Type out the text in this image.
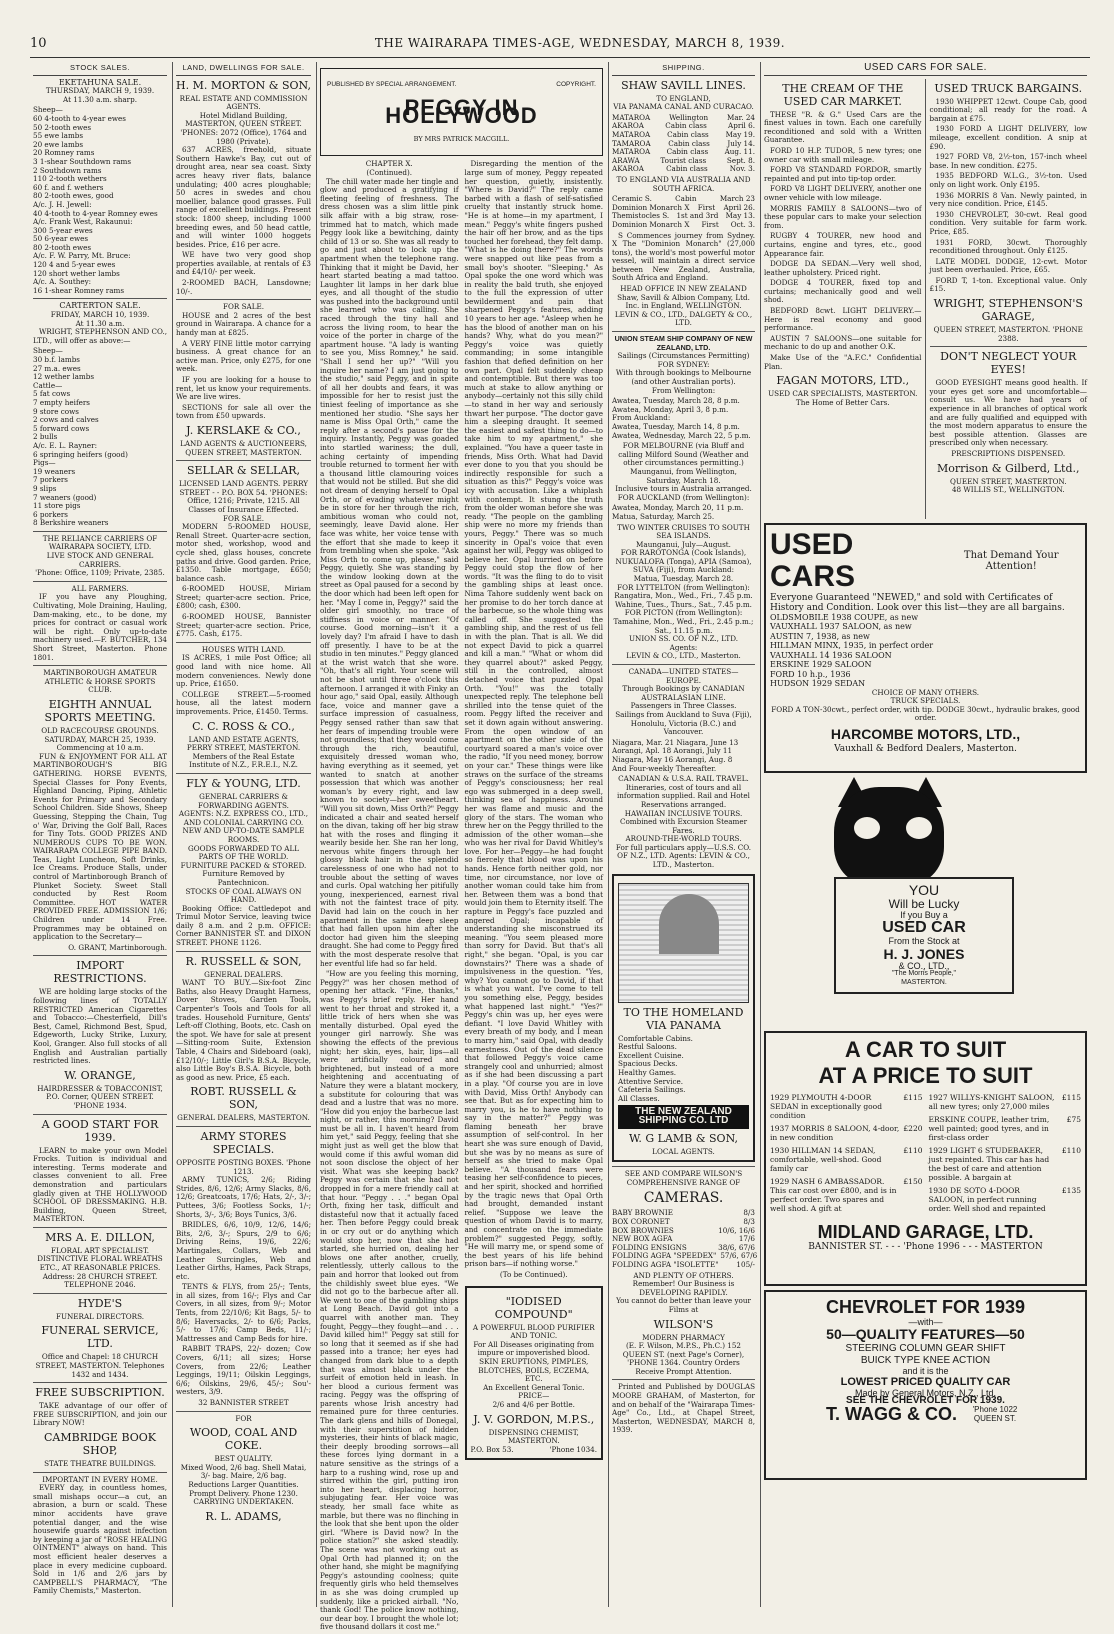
10	THE WAIRARAPA TIMES-AGE, WEDNESDAY, MARCH 8, 1939.
STOCK SALES.
EKETAHUNA SALE.
THURSDAY, MARCH 9, 1939.
At 11.30 a.m. sharp.
Sheep—
60 4-tooth to 4-year ewes
50 2-tooth ewes
55 ewe lambs
20 ewe lambs
20 Romney rams
3 1-shear Southdown rams
2 Southdown rams
110 2-tooth wethers
60 f. and f. wethers
80 2-tooth ewes, good
A/c. J. H. Jewell:
40 4-tooth to 4-year Romney ewes
A/c. Frank West, Rakaunui:
300 5-year ewes
50 6-year ewes
80 2-tooth ewes
A/c. F. W. Parry, Mt. Bruce:
120 4 and 5-year ewes
120 short wether lambs
A/c. A. Southey:
16 1-shear Romney rams
CARTERTON SALE.
FRIDAY, MARCH 10, 1939.
At 11.30 a.m.
WRIGHT, STEPHENSON AND CO., LTD., will offer as above:—
Sheep—
30 b.f. lambs
27 m.a. ewes
12 wether lambs
Cattle—
5 fat cows
7 empty heifers
9 store cows
2 cows and calves
5 forward cows
2 bulls
A/c. E. L. Rayner:
6 springing heifers (good)
Pigs—
19 weaners
7 porkers
9 slips
7 weaners (good)
11 store pigs
6 porkers
8 Berkshire weaners
THE RELIANCE CARRIERS OF WAIRARAPA SOCIETY, LTD.
LIVE STOCK AND GENERAL CARRIERS.
'Phone: Office, 1109; Private, 2385.
ALL FARMERS.
IF you have any Ploughing, Cultivating, Mole Draining, Hauling, Dam-making, etc., to be done, my prices for contract or casual work will be right. Only up-to-date machinery used.—F. BUTCHER, 134 Short Street, Masterton. Phone 1801.
MARTINBOROUGH AMATEUR ATHLETIC & HORSE SPORTS CLUB.
EIGHTH ANNUAL SPORTS MEETING.
OLD RACECOURSE GROUNDS.
SATURDAY, MARCH 25, 1939.
Commencing at 10 a.m.
FUN & ENJOYMENT FOR ALL AT MARTINBOROUGH'S BIG GATHERING. HORSE EVENTS, Special Classes for Pony Events, Highland Dancing, Piping, Athletic Events for Primary and Secondary School Children. Side Shows, Sheep Guessing, Stepping the Chain, Tug o' War, Driving the Golf Ball, Races for Tiny Tots. GOOD PRIZES AND NUMEROUS CUPS TO BE WON. WAIRARAPA COLLEGE PIPE BAND. Teas, Light Luncheon, Soft Drinks, Ice Creams. Produce Stalls, under control of Martinborough Branch of Plunket Society. Sweet Stall conducted by Rest Room Committee. HOT WATER PROVIDED FREE. ADMISSION 1/6; Children under 14 Free. Programmes may be obtained on application to the Secretary—
O. GRANT, Martinborough.
IMPORT RESTRICTIONS.
WE are holding large stocks of the following lines of TOTALLY RESTRICTED American Cigarettes and Tobacco:—Chesterfield, Dill's Best, Camel, Richmond Best, Spud, Edgeworth, Lucky Strike, Luxury, Kool, Granger. Also full stocks of all English and Australian partially restricted lines.
W. ORANGE,
HAIRDRESSER & TOBACCONIST, P.O. Corner, QUEEN STREET. 'PHONE 1934.
A GOOD START FOR 1939.
LEARN to make your own Model Frocks. Tuition is individual and interesting. Terms moderate and classes convenient to all. Free demonstration and particulars gladly given at THE HOLLYWOOD SCHOOL OF DRESSMAKING. H.B. Building, Queen Street, MASTERTON.
MRS A. E. DILLON,
FLORAL ART SPECIALIST. DISTINCTIVE FLORAL WREATHS ETC., AT REASONABLE PRICES. Address: 28 CHURCH STREET. TELEPHONE 2046.
HYDE'S
FUNERAL DIRECTORS.
FUNERAL SERVICE, LTD.
Office and Chapel: 18 CHURCH STREET, MASTERTON. Telephones 1432 and 1434.
FREE SUBSCRIPTION.
TAKE advantage of our offer of FREE SUBSCRIPTION, and join our Library NOW!
CAMBRIDGE BOOK SHOP,
STATE THEATRE BUILDINGS.
IMPORTANT IN EVERY HOME.
EVERY day, in countless homes, small mishaps occur—a cut, an abrasion, a burn or scald. These minor accidents have grave potential danger, and the wise housewife guards against infection by keeping a jar of "ROSE HEALING OINTMENT" always on hand. This most efficient healer deserves a place in every medicine cupboard. Sold in 1/6 and 2/6 jars by CAMPBELL'S PHARMACY, "The Family Chemists," Masterton.
LAND, DWELLINGS FOR SALE.
H. M. MORTON & SON,
REAL ESTATE AND COMMISSION AGENTS.
Hotel Midland Building, MASTERTON, QUEEN STREET.
'PHONES: 2072 (Office), 1764 and 1980 (Private).
637 ACRES, freehold, situate Southern Hawke's Bay, cut out of drought area, near sea coast. Sixty acres heavy river flats, balance undulating; 400 acres ploughable; 50 acres in swedes and chou moellier, balance good grasses. Full range of excellent buildings. Present stock: 1800 sheep, including 1000 breeding ewes, and 50 head cattle, and will winter 1000 hoggets besides. Price, £16 per acre.
WE have two very good shop properties available, at rentals of £3 and £4/10/- per week.
2-ROOMED BACH, Lansdowne; 10/-.
FOR SALE.
HOUSE and 2 acres of the best ground in Wairarapa. A chance for a handy man at £825.
A VERY FINE little motor carrying business. A great chance for an active man. Price, only £275, for one week.
IF you are looking for a house to rent, let us know your requirements. We are live wires.
SECTIONS for sale all over the town from £50 upwards.
J. KERSLAKE & CO.,
LAND AGENTS & AUCTIONEERS, QUEEN STREET, MASTERTON.
SELLAR & SELLAR,
LICENSED LAND AGENTS. PERRY STREET - - P.O. BOX 54. 'PHONES: Office, 1216; Private, 1215. All Classes of Insurance Effected.
FOR SALE.
MODERN 5-ROOMED HOUSE, Renall Street. Quarter-acre section, motor shed, workshop, wood and cycle shed, glass houses, concrete paths and drive. Good garden. Price, £1350. Table mortgage, £650; balance cash.
6-ROOMED HOUSE, Miriam Street; quarter-acre section. Price, £800; cash, £300.
6-ROOMED HOUSE, Bannister Street; quarter-acre section. Price, £775. Cash, £175.
HOUSES WITH LAND.
IS ACRES, 1 mile Post Office; all good land with nice home. All modern conveniences. Newly done up. Price, £1650.
COLLEGE STREET.—5-roomed house, all the latest modern improvements. Price, £1450. Terms.
C. C. ROSS & CO.,
LAND AND ESTATE AGENTS, PERRY STREET, MASTERTON.
Members of the Real Estate Institute of N.Z., F.R.E.I., N.Z.
FLY & YOUNG, LTD.
GENERAL CARRIERS & FORWARDING AGENTS.
AGENTS: N.Z. EXPRESS CO., LTD., AND COLONIAL CARRYING CO.
NEW AND UP-TO-DATE SAMPLE ROOMS.
GOODS FORWARDED TO ALL PARTS OF THE WORLD.
FURNITURE PACKED & STORED. Furniture Removed by Pantechnicon.
STOCKS OF COAL ALWAYS ON HAND.
Booking Office: Cattledepot and Trimul Motor Service, leaving twice daily 8 a.m. and 2 p.m. OFFICE: Corner BANNISTER ST. and DIXON STREET. PHONE 1126.
R. RUSSELL & SON,
GENERAL DEALERS.
WANT TO BUY.—Six-foot Zinc Baths, also Heavy Draught Harness, Dover Stoves, Garden Tools, Carpenter's Tools and Tools for all trades. Household Furniture, Gents' Left-off Clothing, Boots, etc. Cash on the spot. We have for sale at present—Sitting-room Suite, Extension Table, 4 Chairs and Sideboard (oak), £12/10/-; Little Girl's B.S.A. Bicycle, also Little Boy's B.S.A. Bicycle, both as good as new. Price, £5 each.
ROBT. RUSSELL & SON,
GENERAL DEALERS, MASTERTON.
ARMY STORES SPECIALS.
OPPOSITE POSTING BOXES. 'Phone 1213.
ARMY TUNICS, 2/6; Riding Strides, 8/6, 12/6; Army Slacks, 8/6, 12/6; Greatcoats, 17/6; Hats, 2/-, 3/-; Puttees, 3/6; Footless Socks, 1/-; Shorts, 3/-, 3/6; Boys Tunics, 3/6.
BRIDLES, 6/6, 10/9, 12/6, 14/6; Bits, 2/6, 3/-; Spurs, 2/9 to 6/6; Driving Reins, 19/6, 22/6; Martingales, Collars, Web and Leather Surcingles, Web and Leather Girths, Hames, Pack Straps, etc.
TENTS & FLYS, from 25/-; Tents, in all sizes, from 16/-; Flys and Car Covers, in all sizes, from 9/-; Motor Tents, from 22/10/6; Kit Bags, 5/- to 8/6; Haversacks, 2/- to 6/6; Packs, 5/- to 17/6; Camp Beds, 11/-; Mattresses and Camp Beds for hire.
RABBIT TRAPS, 22/- dozen; Cow Covers, 6/11; all sizes; Horse Covers, from 22/6; Leather Leggings, 19/11; Oilskin Leggings, 6/6; Oilskins, 29/6, 45/-; Sou'-westers, 3/9.
32 BANNISTER STREET
FOR
WOOD, COAL AND COKE.
BEST QUALITY.
Mixed Wood, 2/6 bag. Shell Matai, 3/- bag. Maire, 2/6 bag.
Reductions Larger Quantities.
Prompt Delivery. Phone 1230.
CARRYING UNDERTAKEN.
R. L. ADAMS,
PUBLISHED BY SPECIAL ARRANGEMENT.	COPYRIGHT.
PEGGY IN HOLLYWOOD
BY MRS PATRICK MACGILL.
CHAPTER X.
(Continued).
The chill water made her tingle and glow and produced a gratifying if fleeting feeling of freshness. The dress chosen was a slim little pink silk affair with a big straw, rose-trimmed hat to match, which made Peggy look like a bewitching, dainty child of 13 or so. She was all ready to go and just about to lock up the apartment when the telephone rang. Thinking that it might be David, her heart started beating a mad tattoo. Laughter lit lamps in her dark blue eyes, and all thought of the studio was pushed into the background until she learned who was calling. She raced through the tiny hall and across the living room, to hear the voice of the porter in charge of the apartment house. "A lady is wanting to see you, Miss Romney," he said. "Shall I send her up?" "Will you inquire her name? I am just going to the studio," said Peggy, and in spite of all her doubts and fears, it was impossible for her to resist just the tiniest feeling of importance as she mentioned her studio. "She says her name is Miss Opal Orth," came the reply after a second's pause for the inquiry. Instantly, Peggy was goaded into startled wariness; the dull, aching certainty of impending trouble returned to torment her with a thousand little clamouring voices that would not be stilled. But she did not dream of denying herself to Opal Orth, or of evading whatever might be in store for her through the rich, ambitious woman who could not, seemingly, leave David alone. Her face was white, her voice tense with the effort that she made to keep it from trembling when she spoke. "Ask Miss Orth to come up, please," said Peggy, quietly. She was standing by the window looking down at the street as Opal paused for a second by the door which had been left open for her. "May I come in, Peggy?" said the older girl smoothly, no trace of stiffness in voice or manner. "Of course. Good morning—isn't it a lovely day? I'm afraid I have to dash off presently. I have to be at the studio in ten minutes." Peggy glanced at the wrist watch that she wore. "Oh, that's all right. Your scene will not be shot until three o'clock this afternoon. I arranged it with Finky an hour ago," said Opal, easily. Although face, voice and manner gave a surface impression of casualness, Peggy sensed rather than saw that her fears of impending trouble were not groundless; that they would come through the rich, beautiful, exquisitely dressed woman who, having everything as it seemed, yet wanted to snatch at another possession that which was another woman's by every right, and law known to society—her sweetheart. "Will you sit down, Miss Orth?" Peggy indicated a chair and seated herself on the divan, taking off her big straw hat with the roses and flinging it wearily beside her. She ran her long, nervous white fingers through her glossy black hair in the splendid carelessness of one who had not to trouble about the setting of waves and curls. Opal watching her pitifully young, inexperienced, earnest rival with not the faintest trace of pity. David had lain on the couch in her apartment in the same deep sleep that had fallen upon him after the doctor had given him the sleeping draught. She had come to Peggy fired with the most desperate resolve that her eventful life had so far held.
"How are you feeling this morning, Peggy?" was her chosen method of opening her attack. "Fine, thanks," was Peggy's brief reply. Her hand went to her throat and stroked it, a little trick of hers when she was mentally disturbed. Opal eyed the younger girl narrowly. She was showing the effects of the previous night; her skin, eyes, hair, lips—all were artificially coloured and brightened, but instead of a more heightening and accentuating of Nature they were a blatant mockery, a substitute for colouring that was dead and a lustre that was no more. "How did you enjoy the barbecue last night, or rather, this morning? David must be all in. I haven't heard from him yet," said Peggy, feeling that she might just as well get the blow that would come if this awful woman did not soon disclose the object of her visit. What was she keeping back? Peggy was certain that she had not dropped in for a mere friendly call at that hour. "Peggy . . ." began Opal Orth, fixing her task, difficult and distasteful now that it actually faced her. Then before Peggy could break in or cry out or do anything which would stop her, now that she had started, she hurried on, dealing her blows one after another, cruelly, relentlessly, utterly callous to the pain and horror that looked out from the childishly sweet blue eyes. "We did not go to the barbecue after all. We went to one of the gambling ships at Long Beach. David got into a quarrel with another man. They fought, Peggy—they fought—and . . . David killed him!" Peggy sat still for so long that it seemed as if she had passed into a trance; her eyes had changed from dark blue to a depth that was almost black under the surfeit of emotion held in leash. In her blood a curious ferment was racing. Peggy was the offspring of parents whose Irish ancestry had remained pure for three centuries. The dark glens and hills of Donegal, with their superstition of hidden mysteries, their hints of black magic, their deeply brooding sorrows—all these forces lying dormant in a nature sensitive as the strings of a harp to a rushing wind, rose up and stirred within the girl, putting iron into her heart, displacing horror, subjugating fear. Her voice was steady, her small face white as marble, but there was no flinching in the look that she bent upon the older girl. "Where is David now? In the police station?" she asked steadily. The scene was not working out as Opal Orth had planned it; on the other hand, she might be magnifying Peggy's astounding coolness; quite frequently girls who held themselves in as she was doing crumpled up suddenly, like a pricked airball. "No, thank God! The police know nothing, our dear boy. I brought the whole lot; five thousand dollars it cost me."
Disregarding the mention of the large sum of money, Peggy repeated her question, quietly, insistently. "Where is David?" The reply came barbed with a flash of self-satisfied cruelty that instantly struck home. "He is at home—in my apartment, I mean." Peggy's white fingers pushed the hair off her brow, and as the tips touched her forehead, they felt damp. "What is he doing there?" The words were snapped out like peas from a small boy's shooter. "Sleeping." As Opal spoke the one word which was in reality the bald truth, she enjoyed to the full the expression of utter bewilderment and pain that sharpened Peggy's features, adding 10 years to her age. "Asleep when he has the blood of another man on his hands? Why, what do you mean?" Peggy's voice was quietly commanding; in some intangible fashion that defied definition on her own part. Opal felt suddenly cheap and contemptible. But there was too much at stake to allow anything or anybody—certainly not this silly child—to stand in her way and seriously thwart her purpose. "The doctor gave him a sleeping draught. It seemed the easiest and safest thing to do—to take him to my apartment," she explained. "You have a queer taste in friends, Miss Orth. What had David ever done to you that you should be indirectly responsible for such a situation as this?" Peggy's voice was icy with accusation. Like a whiplash with contempt. It stung the truth from the older woman before she was ready. "The people on the gambling ship were no more my friends than yours, Peggy." There was so much sincerity in Opal's voice that even against her will, Peggy was obliged to believe her. Opal hurried on before Peggy could stop the flow of her words. "It was the fling to do to visit the gambling ships at least once. Nima Tahore suddenly went back on her promise to do her torch dance at the barbecue, so the whole thing was called off. She suggested the gambling ship, and the rest of us fell in with the plan. That is all. We did not expect David to pick a quarrel and kill a man." "What or whom did they quarrel about?" asked Peggy, still in the controlled, almost detached voice that puzzled Opal Orth. "You!" was the totally unexpected reply. The telephone bell shrilled into the tense quiet of the room. Peggy lifted the receiver and set it down again without answering. From the open window of an apartment on the other side of the courtyard soared a man's voice over the radio, "If you need money, borrow on your car." These things were like straws on the surface of the streams of Peggy's consciousness; her real ego was submerged in a deep swell, thinking sea of happiness. Around her was flame and music and the glory of the stars. The woman who threw her on the Peggy thrilled to the admission of the other woman—she who was her rival for David Whitley's love. For her—Peggy—he had fought so fiercely that blood was upon his hands. Hence forth neither gold, nor time, nor circumstance, nor love of another woman could take him from her. Between them was a bond that would join them to Eternity itself. The rapture in Peggy's face puzzled and angered Opal; incapable of understanding she misconstrued its meaning. "You seem pleased more than sorry for David. But that's all right," she began. "Opal, is you car downstairs?" There was a shade of impulsiveness in the question. "Yes, why? You cannot go to David, if that is what you want. I've come to tell you something else, Peggy, besides what happened last night." "Yes?" Peggy's chin was up, her eyes were defiant. "I love David Whitley with every breath of my body, and I mean to marry him," said Opal, with deadly earnestness. Out of the dead silence that followed Peggy's voice came strangely cool and unhurried; almost as if she had been discussing a part in a play. "Of course you are in love with David, Miss Orth! Anybody can see that. But as for expecting him to marry you, is he to have nothing to say in the matter?" Peggy was flaming beneath her brave assumption of self-control. In her heart she was sure enough of David, but she was by no means as sure of herself as she tried to make Opal believe. "A thousand fears were teasing her self-confidence to pieces, and her spirit, shocked and horrified by the tragic news that Opal Orth had brought, demanded instant relief. "Suppose we leave the question of whom David is to marry, and concentrate on the immediate problem?" suggested Peggy, softly. "He will marry me, or spend some of the best years of his life behind prison bars—if nothing worse."
(To be Continued).
"IODISED COMPOUND"
A POWERFUL BLOOD PURIFIER AND TONIC.
For All Diseases originating from impure or impoverished blood.
SKIN ERUPTIONS, PIMPLES,
BLOTCHES, BOILS, ECZEMA, ETC.
An Excellent General Tonic.
PRICE—
2/6 and 4/6 per Bottle.
J. V. GORDON, M.P.S.,
DISPENSING CHEMIST,
MASTERTON.
P.O. Box 53.	'Phone 1034.
SHIPPING.
SHAW SAVILL LINES.
TO ENGLAND,
VIA PANAMA CANAL AND CURACAO.
MATAROA	Wellington	Mar. 24
AKAROA	Cabin class	April 6.
MATAROA Cabin class May 19.
TAMAROA Cabin class July 14.
MATAROA Cabin class Aug. 11.
ARAWA	Tourist class	Sept. 8.
AKAROA	Cabin class	Nov. 3.
TO ENGLAND VIA AUSTRALIA AND SOUTH AFRICA.
Ceramic S.	Cabin	March 23
Dominion Monarch X First April 26.
Themistocles S. 1st and 3rd May 13.
Dominion Monarch X First Oct. 3.
S Commences journey from Sydney. X The "Dominion Monarch" (27,000 tons), the world's most powerful motor vessel, will maintain a direct service between New Zealand, Australia, South Africa and England.
HEAD OFFICE IN NEW ZEALAND Shaw, Savill & Albion Company, Ltd. Inc. in England, WELLINGTON.
LEVIN & CO., LTD., DALGETY & CO., LTD.
UNION STEAM SHIP COMPANY OF NEW ZEALAND, LTD.
Sailings (Circumstances Permitting)
FOR SYDNEY:
With through bookings to Melbourne (and other Australian ports).
From Wellington:
Awatea, Tuesday, March 28, 8 p.m.
Awatea, Monday, April 3, 8 p.m.
From Auckland:
Awatea, Tuesday, March 14, 8 p.m.
Awatea, Wednesday, March 22, 5 p.m.
FOR MELBOURNE (via Bluff and calling Milford Sound (Weather and other circumstances permitting.)
Maunganui, from Wellington, Saturday, March 18.
Inclusive tours in Australia arranged.
FOR AUCKLAND (from Wellington):
Awatea, Monday, March 20, 11 p.m.
Matua, Saturday, March 25.
TWO WINTER CRUISES TO SOUTH SEA ISLANDS.
Maunganui, July—August.
FOR RAROTONGA (Cook Islands), NUKUALOFA (Tonga), APIA (Samoa), SUVA (Fiji), from Auckland:
Matua, Tuesday, March 28.
FOR LYTTELTON (from Wellington): Rangatira, Mon., Wed., Fri., 7.45 p.m. Wahine, Tues., Thurs., Sat., 7.45 p.m.
FOR PICTON (from Wellington): Tamahine, Mon., Wed., Fri., 2.45 p.m.; Sat., 11.15 p.m.
UNION SS. CO. OF N.Z., LTD.
Agents:
LEVIN & CO., LTD., Masterton.
CANADA—UNITED STATES—EUROPE.
Through Bookings by CANADIAN AUSTRALASIAN LINE.
Passengers in Three Classes.
Sailings from Auckland to Suva (Fiji), Honolulu, Victoria (B.C.) and Vancouver.
Niagara, Mar. 21 Niagara, June 13
Aorangi, Apl. 18 Aorangi, July 11
Niagara, May 16 Aorangi, Aug. 8
And Four-weekly Thereafter.
CANADIAN & U.S.A. RAIL TRAVEL.
Itineraries, cost of tours and all information supplied. Rail and Hotel Reservations arranged.
HAWAIIAN INCLUSIVE TOURS. Combined with Excursion Steamer Fares.
AROUND-THE-WORLD TOURS.
For full particulars apply—U.S.S. CO. OF N.Z., LTD. Agents: LEVIN & CO., LTD., Masterton.
TO THE HOMELAND VIA PANAMA
Comfortable Cabins.
Restful Saloons.
Excellent Cuisine.
Spacious Decks.
Healthy Games.
Attentive Service.
Cafeteria Sailings.
All Classes.
THE NEW ZEALAND SHIPPING CO. LTD
W. G LAMB & SON,
LOCAL AGENTS.
SEE AND COMPARE WILSON'S COMPREHENSIVE RANGE OF
CAMERAS.
BABY BROWNIE	8/3
BOX CORONET	8/3
BOX BROWNIES	10/6, 16/6
NEW BOX AGFA	17/6
FOLDING ENSIGNS	38/6, 67/6
FOLDING AGFA "SPEEDEX" 57/6, 67/6
FOLDING AGFA "ISOLETTE" 105/-
AND PLENTY OF OTHERS.
Remember! Our Business is DEVELOPING RAPIDLY.
You cannot do better than leave your Films at
WILSON'S
MODERN PHARMACY
(E. F. Wilson, M.P.S., Ph.C.) 152 QUEEN ST. (next Page's Corner), 'PHONE 1364. Country Orders Receive Prompt Attention.
Printed and Published by DOUGLAS MOORE GRAHAM, of Masterton, for and on behalf of the "Wairarapa Times-Age" Co., Ltd., at Chapel Street, Masterton, WEDNESDAY, MARCH 8, 1939.
USED CARS FOR SALE.
THE CREAM OF THE USED CAR MARKET.
THESE "R. & G." Used Cars are the finest values in town. Each one carefully reconditioned and sold with a Written Guarantee.
FORD 10 H.P. TUDOR, 5 new tyres; one owner car with small mileage.
FORD V8 STANDARD FORDOR, smartly repainted and put into tip-top order.
FORD V8 LIGHT DELIVERY, another one owner vehicle with low mileage.
MORRIS FAMILY 8 SALOONS—two of these popular cars to make your selection from.
RUGBY 4 TOURER, new hood and curtains, engine and tyres, etc., good Appearance fair.
DODGE DA SEDAN.—Very well shod, leather upholstery. Priced right.
DODGE 4 TOURER, fixed top and curtains; mechanically good and well shod.
BEDFORD 8cwt. LIGHT DELIVERY.—Here is real economy and good performance.
AUSTIN 7 SALOONS—one suitable for mechanic to do up and another O.K.
Make Use of the "A.F.C." Confidential Plan.
FAGAN MOTORS, LTD.,
USED CAR SPECIALISTS, MASTERTON.
The Home of Better Cars.
USED TRUCK BARGAINS.
1930 WHIPPET 12cwt. Coupe Cab, good conditional; all ready for the road. A bargain at £75.
1930 FORD A LIGHT DELIVERY, low mileage, excellent condition. A snip at £90.
1927 FORD V8, 2½-ton, 157-inch wheel base. In new condition. £275.
1935 BEDFORD W.L.G., 3½-ton. Used only on light work. Only £195.
1936 MORRIS 8 Van. Newly painted, in very nice condition. Price, £145.
1930 CHEVROLET, 30-cwt. Real good condition. Very suitable for farm work. Price, £85.
1931 FORD, 30cwt. Thoroughly reconditioned throughout. Only £125.
LATE MODEL DODGE, 12-cwt. Motor just been overhauled. Price, £65.
FORD T, 1-ton. Exceptional value. Only £15.
WRIGHT, STEPHENSON'S GARAGE,
QUEEN STREET, MASTERTON. 'PHONE 2388.
DON'T NEGLECT YOUR EYES!
GOOD EYESIGHT means good health. If your eyes get sore and uncomfortable—consult us. We have had years of experience in all branches of optical work and are fully qualified and equipped with the most modern apparatus to ensure the best possible attention. Glasses are prescribed only when necessary.
PRESCRIPTIONS DISPENSED.
Morrison & Gilberd, Ltd.,
QUEEN STREET, MASTERTON.
48 WILLIS ST., WELLINGTON.
USED CARS
That Demand Your Attention!
Everyone Guaranteed "NEWED," and sold with Certificates of History and Condition. Look over this list—they are all bargains.
OLDSMOBILE 1938 COUPE, as new
VAUXHALL 1937 SALOON, as new
AUSTIN 7, 1938, as new
HILLMAN MINX, 1935, in perfect order
VAUXHALL 14 1936 SALOON
ERSKINE 1929 SALOON
FORD 10 h.p., 1936
HUDSON 1929 SEDAN
CHOICE OF MANY OTHERS.
TRUCK SPECIALS.
FORD A TON-30cwt., perfect order, with tip. DODGE 30cwt., hydraulic brakes, good order.
HARCOMBE MOTORS, LTD.,
Vauxhall & Bedford Dealers, Masterton.
YOU
Will be Lucky
If you Buy a
USED CAR
From the Stock at
H. J. JONES
& CO., LTD.,
"The Morris People,"
MASTERTON.
A CAR TO SUIT
AT A PRICE TO SUIT
1929 PLYMOUTH 4-DOOR SEDAN in exceptionally good condition
£115
1937 MORRIS 8 SALOON, 4-door, in new condition
£220
1930 HILLMAN 14 SEDAN, comfortable, well-shod. Good family car
£110
1929 NASH 6 AMBASSADOR. This car cost over £800, and is in perfect order. Two spares and well shod. A gift at
£150
1927 WILLYS-KNIGHT SALOON, all new tyres; only 27,000 miles
£115
ERSKINE COUPE, leather trim, well painted; good tyres, and in first-class order
£75
1929 LIGHT 6 STUDEBAKER, just repainted. This car has had the best of care and attention possible. A bargain at
£110
1930 DE SOTO 4-DOOR SALOON, in perfect running order. Well shod and repainted
£135
MIDLAND GARAGE, LTD.
BANNISTER ST. - - - 'Phone 1996 - - - MASTERTON
CHEVROLET FOR 1939
—with—
50—QUALITY FEATURES—50
STEERING COLUMN GEAR SHIFT
BUICK TYPE KNEE ACTION
and it is the
LOWEST PRICED QUALITY CAR
Made by General Motors, N.Z., Ltd.
SEE THE CHEVROLET FOR 1939.
T. WAGG & CO.	'Phone 1022 QUEEN ST.
